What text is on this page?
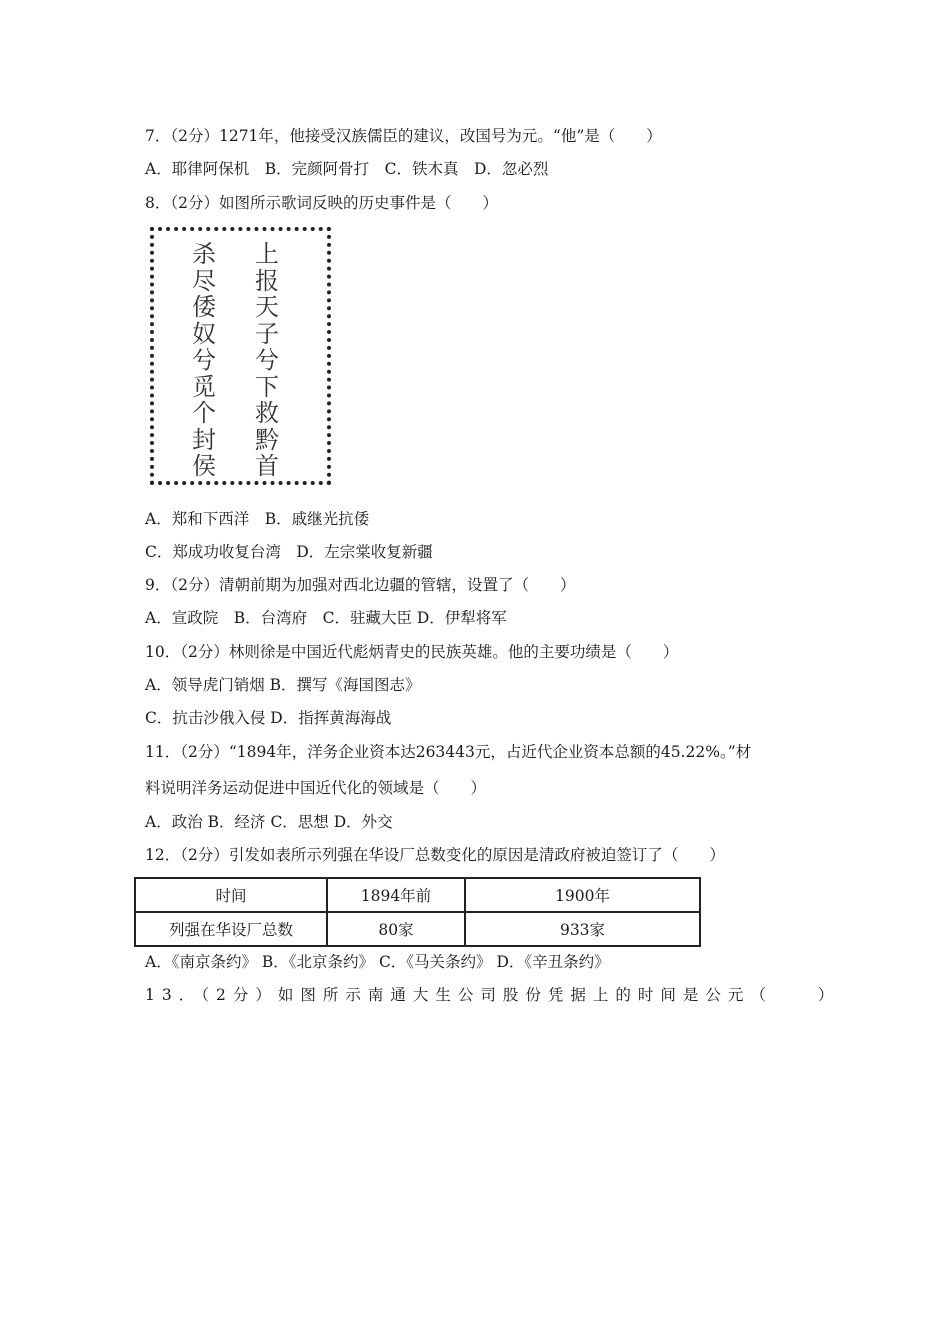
7．（2分）1271年，他接受汉族儒臣的建议，改国号为元。“他”是（　　）
A．耶律阿保机　B．完颜阿骨打　C．铁木真　D．忽必烈
8．（2分）如图所示歌词反映的历史事件是（　　）
杀
尽
倭
奴
兮
觅
个
封
侯
上
报
天
子
兮
下
救
黔
首
A．郑和下西洋　B．戚继光抗倭
C．郑成功收复台湾　D．左宗棠收复新疆
9．（2分）清朝前期为加强对西北边疆的管辖，设置了（　　）
A．宣政院　B．台湾府　C．驻藏大臣 D．伊犁将军
10．（2分）林则徐是中国近代彪炳青史的民族英雄。他的主要功绩是（　　）
A．领导虎门销烟 B．撰写《海国图志》
C．抗击沙俄入侵 D．指挥黄海海战
11．（2分）“1894年，洋务企业资本达263443元，占近代企业资本总额的45.22%。”材
料说明洋务运动促进中国近代化的领域是（　　）
A．政治 B．经济 C．思想 D．外交
12．（2分）引发如表所示列强在华设厂总数变化的原因是清政府被迫签订了（　　）
时间	1894年前	1900年
列强在华设厂总数	80家	933家
A．《南京条约》 B．《北京条约》 C．《马关条约》 D．《辛丑条约》
13．（2分）如图所示南通大生公司股份凭据上的时间是公元（　　）
